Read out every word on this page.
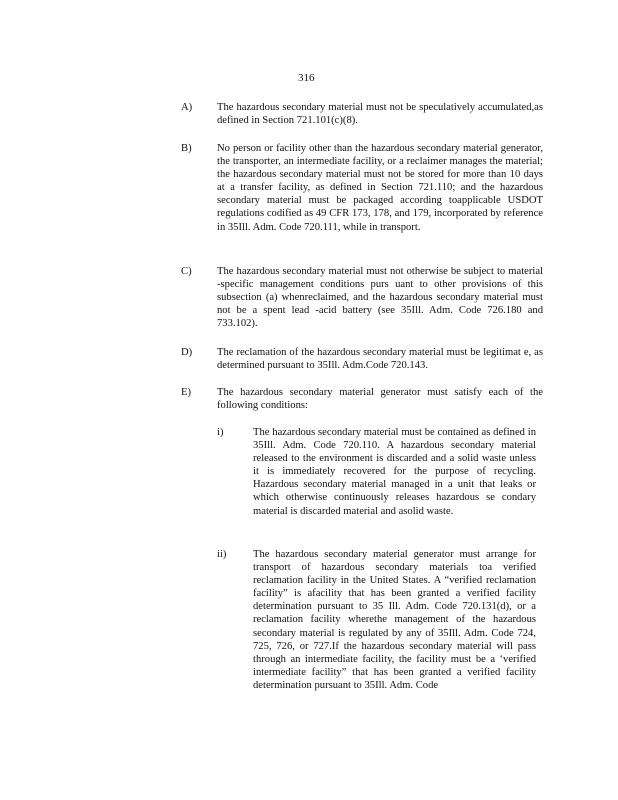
316
A) The hazardous secondary material must not be speculatively accumulated,as defined in Section 721.101(c)(8).
B) No person or facility other than the hazardous secondary material generator, the transporter, an intermediate facility, or a reclaimer manages the material; the hazardous secondary material must not be stored for more than 10 days at a transfer facility, as defined in Section 721.110; and the hazardous secondary material must be packaged according toapplicable USDOT regulations codified as 49 CFR 173, 178, and 179, incorporated by reference in 35Ill. Adm. Code 720.111, while in transport.
C) The hazardous secondary material must not otherwise be subject to material -specific management conditions purs uant to other provisions of this subsection (a) whenreclaimed, and the hazardous secondary material must not be a spent lead -acid battery (see 35Ill. Adm. Code 726.180 and 733.102).
D) The reclamation of the hazardous secondary material must be legitimat e, as determined pursuant to 35Ill. Adm.Code 720.143.
E) The hazardous secondary material generator must satisfy each of the following conditions:
i)	The hazardous secondary material must be contained as defined in 35Ill. Adm. Code 720.110. A hazardous secondary material released to the environment is discarded and a solid waste unless it is immediately recovered for the purpose of recycling. Hazardous secondary material managed in a unit that leaks or which otherwise continuously releases hazardous se condary material is discarded material and asolid waste.
ii)	The hazardous secondary material generator must arrange for transport of hazardous secondary materials toa verified reclamation facility in the United States. A “verified reclamation facility” is afacility that has been granted a verified facility determination pursuant to 35 Ill. Adm. Code 720.131(d), or a reclamation facility wherethe management of the hazardous secondary material is regulated by any of 35Ill. Adm. Code 724, 725, 726, or 727.If the hazardous secondary material will pass through an intermediate facility, the facility must be a ‘verified intermediate facility” that has been granted a verified facility determination pursuant to 35Ill. Adm. Code
